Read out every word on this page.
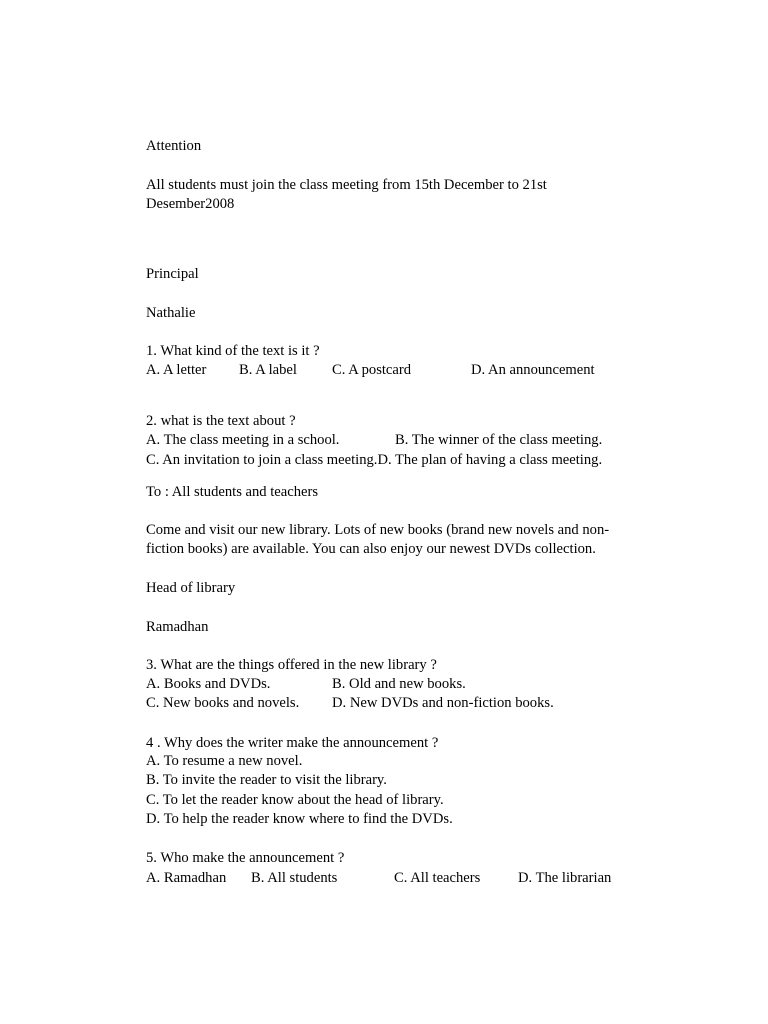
Attention
All students must join the class meeting from 15th December to 21st
Desember2008
Principal
Nathalie
1. What kind of the text is it ?
A. A letter B. A label C. A postcard	D. An announcement
2. what is the text about ?
A. The class meeting in a school.	B. The winner of the class meeting.
C. An invitation to join a class meeting.D. The plan of having a class meeting.
To : All students and teachers
Come and visit our new library. Lots of new books (brand new novels and non-
fiction books) are available. You can also enjoy our newest DVDs collection.
Head of library
Ramadhan
3. What are the things offered in the new library ?
A. Books and DVDs.	B. Old and new books.
C. New books and novels. D. New DVDs and non-fiction books.
4 . Why does the writer make the announcement ?
A. To resume a new novel.
B. To invite the reader to visit the library.
C. To let the reader know about the head of library.
D. To help the reader know where to find the DVDs.
5. Who make the announcement ?
A. Ramadhan B. All students	C. All teachers	D. The librarian
